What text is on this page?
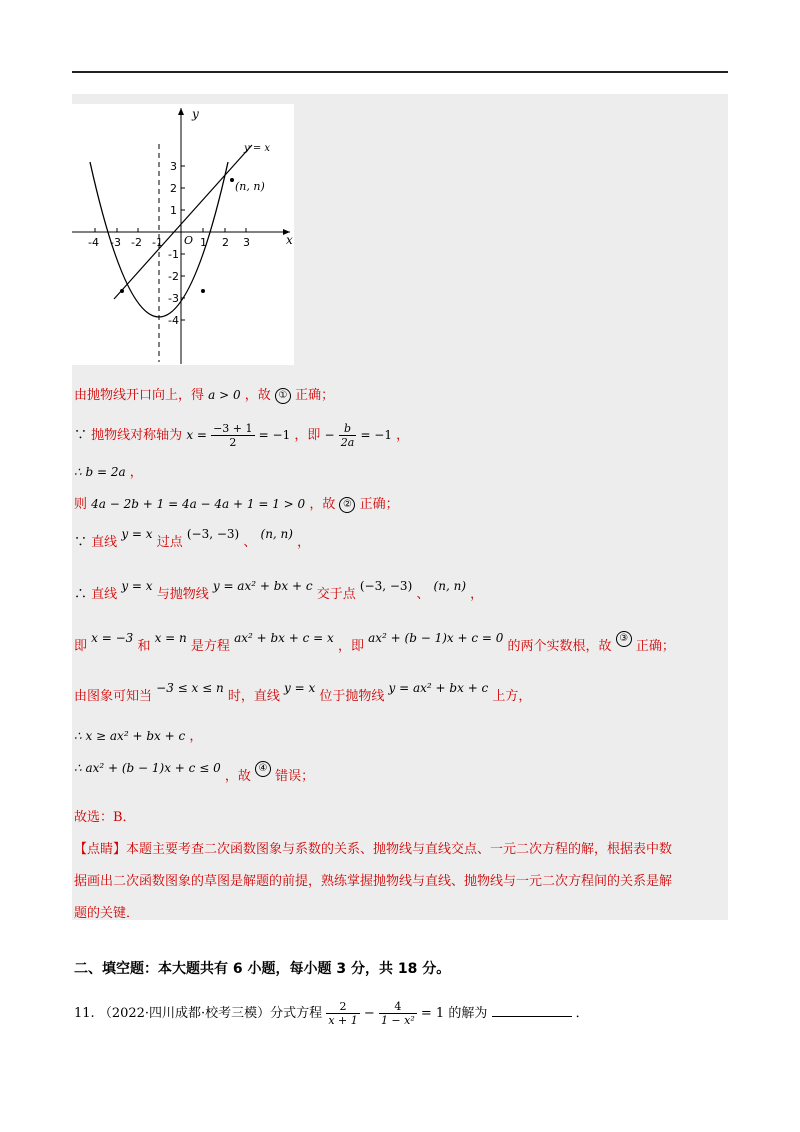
y
x
O
y = x
(n, n)
-4 -3 -2 -1	1 2 3
3
2
1
-1
-2
-3
-4
由抛物线开口向上，得 a > 0 ，故 ① 正确；
∵ 抛物线对称轴为 $x = \frac{-3 + 1}{2} = -1$ ，即 − $\frac{b}{2a} = -1$ ，
∴ b = 2a ，
则 4a − 2b + 1 = 4a − 4a + 1 = 1 > 0 ，故 ② 正确；
∵ 直线 y = x 过点 (−3, −3) 、 (n, n) ，
∴ 直线 y = x 与抛物线 y = ax² + bx + c 交于点 (−3, −3) 、 (n, n) ，
即 x = −3 和 x = n 是方程 ax² + bx + c = x ，即 ax² + (b − 1)x + c = 0 的两个实数根，故 ③ 正确；
由图象可知当 −3 ≤ x ≤ n 时，直线 y = x 位于抛物线 y = ax² + bx + c 上方，
∴ x ≥ ax² + bx + c ，
∴ ax² + (b − 1)x + c ≤ 0 ，故 ④ 错误；
故选：B．
【点睛】本题主要考查二次函数图象与系数的关系、抛物线与直线交点、一元二次方程的解，根据表中数
据画出二次函数图象的草图是解题的前提，熟练掌握抛物线与直线、抛物线与一元二次方程间的关系是解
题的关键．
二、填空题：本大题共有 6 小题，每小题 3 分，共 18 分。
11. （2022·四川成都·校考三模）分式方程 $\frac{2}{x + 1} - \frac{4}{\text{1 − x²}} = 1$ 的解为	．
